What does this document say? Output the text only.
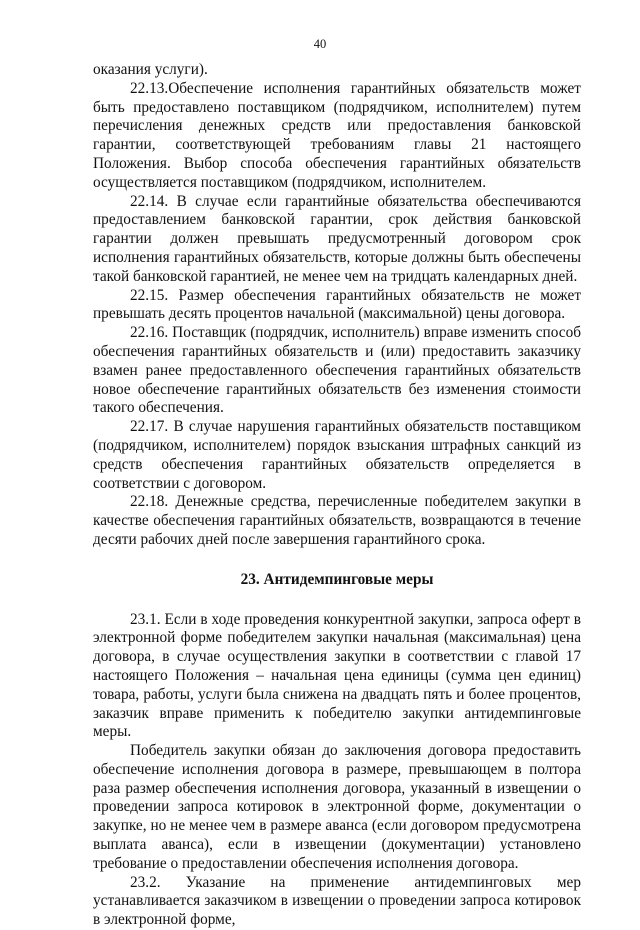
40

оказания услуги).

22.13.Обеспечение исполнения гарантийных обязательств может быть предоставлено поставщиком (подрядчиком, исполнителем) путем перечисления денежных средств или предоставления банковской гарантии, соответствующей требованиям главы 21 настоящего Положения. Выбор способа обеспечения гарантийных обязательств осуществляется поставщиком (подрядчиком, исполнителем.

22.14. В случае если гарантийные обязательства обеспечиваются предоставлением банковской гарантии, срок действия банковской гарантии должен превышать предусмотренный договором срок исполнения гарантийных обязательств, которые должны быть обеспечены такой банковской гарантией, не менее чем на тридцать календарных дней.

22.15. Размер обеспечения гарантийных обязательств не может превышать десять процентов начальной (максимальной) цены договора.

22.16. Поставщик (подрядчик, исполнитель) вправе изменить способ обеспечения гарантийных обязательств и (или) предоставить заказчику взамен ранее предоставленного обеспечения гарантийных обязательств новое обеспечение гарантийных обязательств без изменения стоимости такого обеспечения.

22.17. В случае нарушения гарантийных обязательств поставщиком (подрядчиком, исполнителем) порядок взыскания штрафных санкций из средств обеспечения гарантийных обязательств определяется в соответствии с договором.

22.18. Денежные средства, перечисленные победителем закупки в качестве обеспечения гарантийных обязательств, возвращаются в течение десяти рабочих дней после завершения гарантийного срока.

23. Антидемпинговые меры

23.1. Если в ходе проведения конкурентной закупки, запроса оферт в электронной форме победителем закупки начальная (максимальная) цена договора, в случае осуществления закупки в соответствии с главой 17 настоящего Положения – начальная цена единицы (сумма цен единиц) товара, работы, услуги была снижена на двадцать пять и более процентов, заказчик вправе применить к победителю закупки антидемпинговые меры.

Победитель закупки обязан до заключения договора предоставить обеспечение исполнения договора в размере, превышающем в полтора раза размер обеспечения исполнения договора, указанный в извещении о проведении запроса котировок в электронной форме, документации о закупке, но не менее чем в размере аванса (если договором предусмотрена выплата аванса), если в извещении (документации) установлено требование о предоставлении обеспечения исполнения договора.

23.2. Указание на применение антидемпинговых мер устанавливается заказчиком в извещении о проведении запроса котировок в электронной форме,
